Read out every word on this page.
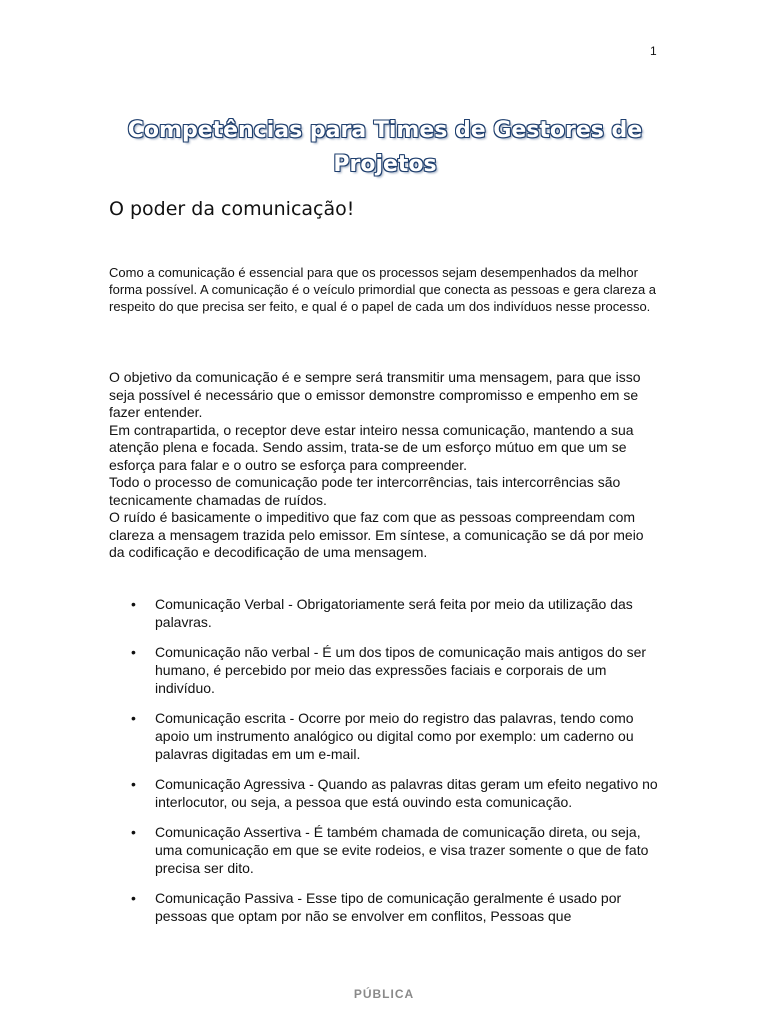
1
Competências para Times de Gestores de Projetos
O poder da comunicação!

Como a comunicação é essencial para que os processos sejam desempenhados da melhor forma possível. A comunicação é o veículo primordial que conecta as pessoas e gera clareza a respeito do que precisa ser feito, e qual é o papel de cada um dos indivíduos nesse processo.

O objetivo da comunicação é e sempre será transmitir uma mensagem, para que isso seja possível é necessário que o emissor demonstre compromisso e empenho em se fazer entender.

Em contrapartida, o receptor deve estar inteiro nessa comunicação, mantendo a sua atenção plena e focada. Sendo assim, trata-se de um esforço mútuo em que um se esforça para falar e o outro se esforça para compreender.

Todo o processo de comunicação pode ter intercorrências, tais intercorrências são tecnicamente chamadas de ruídos.

O ruído é basicamente o impeditivo que faz com que as pessoas compreendam com clareza a mensagem trazida pelo emissor. Em síntese, a comunicação se dá por meio da codificação e decodificação de uma mensagem.

• Comunicação Verbal - Obrigatoriamente será feita por meio da utilização das palavras.
• Comunicação não verbal - É um dos tipos de comunicação mais antigos do ser humano, é percebido por meio das expressões faciais e corporais de um indivíduo.
• Comunicação escrita - Ocorre por meio do registro das palavras, tendo como apoio um instrumento analógico ou digital como por exemplo: um caderno ou palavras digitadas em um e-mail.
• Comunicação Agressiva - Quando as palavras ditas geram um efeito negativo no interlocutor, ou seja, a pessoa que está ouvindo esta comunicação.
• Comunicação Assertiva - É também chamada de comunicação direta, ou seja, uma comunicação em que se evite rodeios, e visa trazer somente o que de fato precisa ser dito.
• Comunicação Passiva - Esse tipo de comunicação geralmente é usado por pessoas que optam por não se envolver em conflitos, Pessoas que
PÚBLICA
